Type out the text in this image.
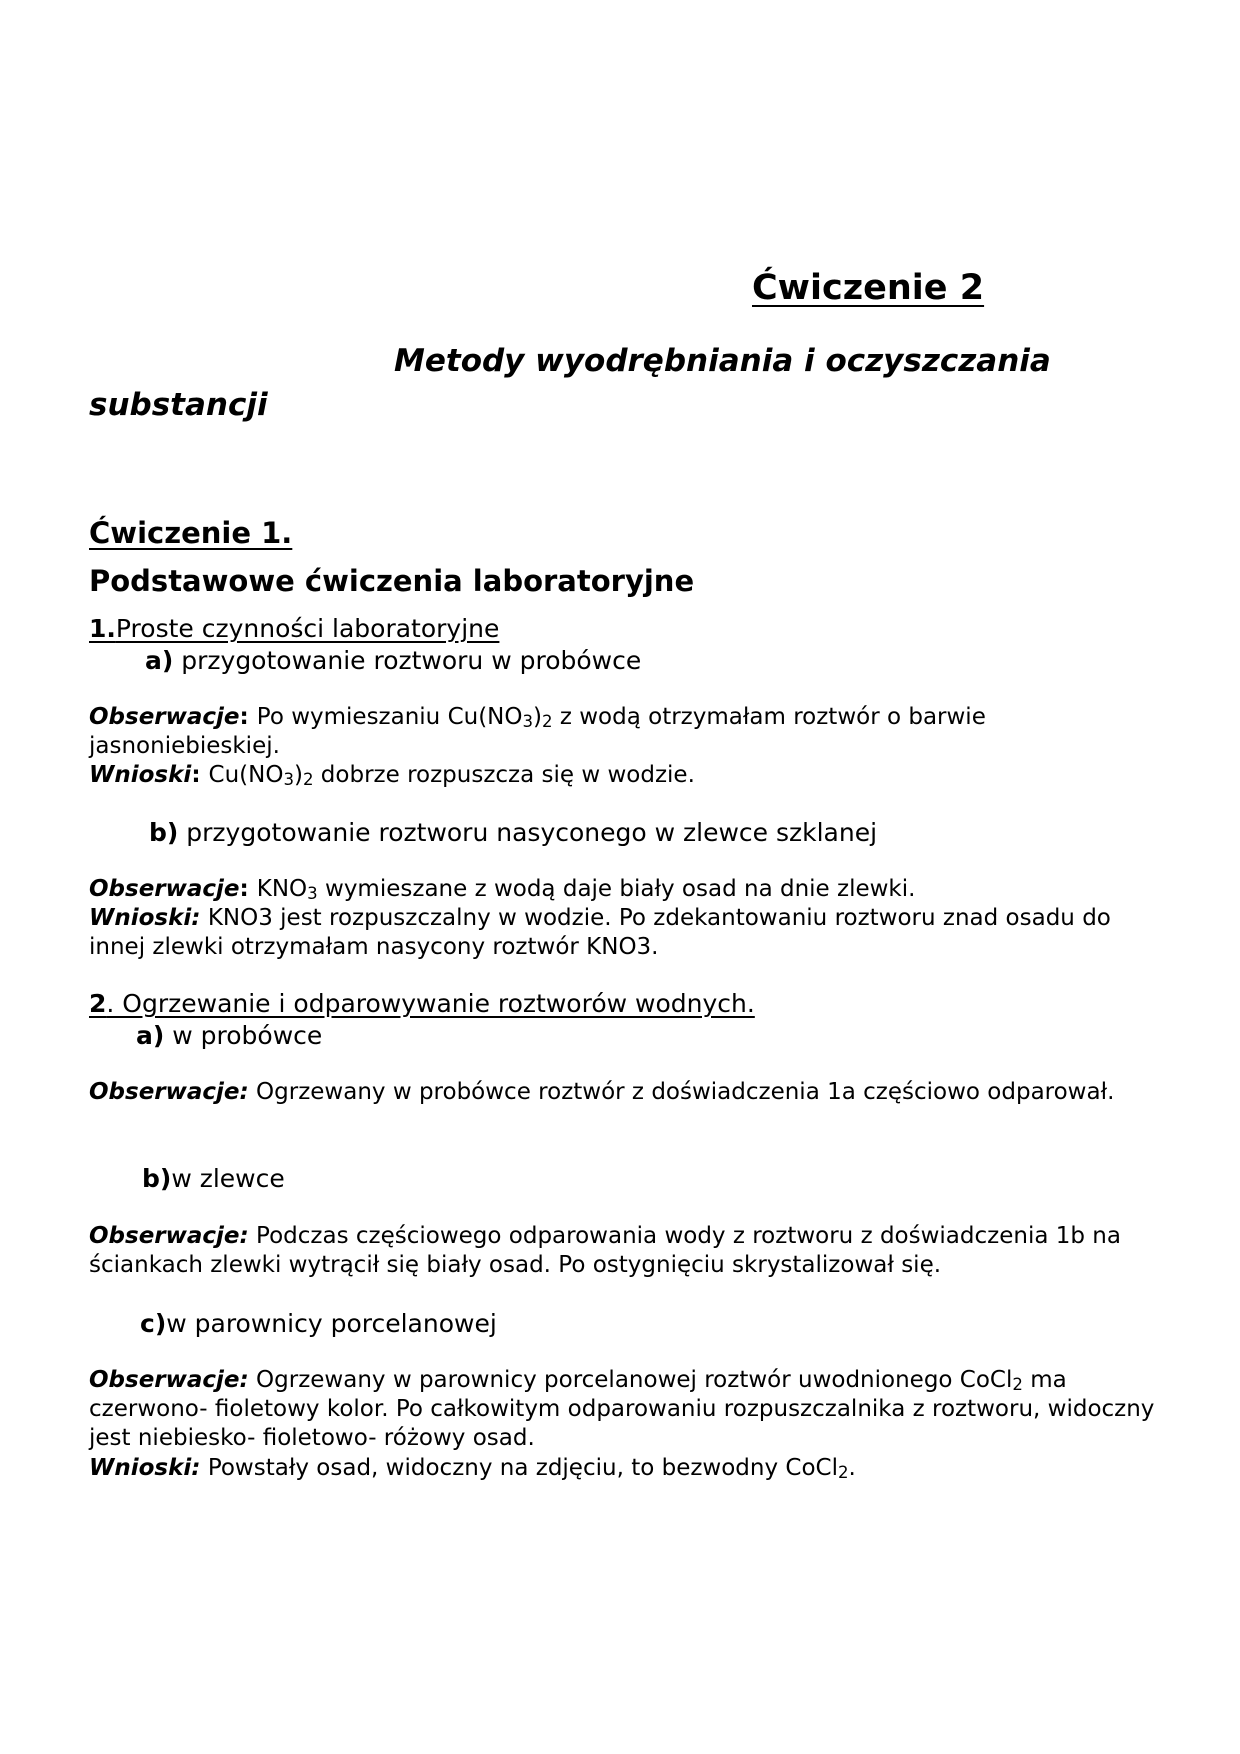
Ćwiczenie 2
Metody wyodrębniania i oczyszczania
substancji
Ćwiczenie 1.
Podstawowe ćwiczenia laboratoryjne
1.Proste czynności laboratoryjne
a) przygotowanie roztworu w probówce
Obserwacje: Po wymieszaniu $Cu(NO_3)_2$ z wodą otrzymałam roztwór o barwie jasnoniebieskiej.
Wnioski: $Cu(NO_3)_2$ dobrze rozpuszcza się w wodzie.
b) przygotowanie roztworu nasyconego w zlewce szklanej
Obserwacje: $KNO_3$ wymieszane z wodą daje biały osad na dnie zlewki.
Wnioski: KNO3 jest rozpuszczalny w wodzie. Po zdekantowaniu roztworu znad osadu do innej zlewki otrzymałam nasycony roztwór KNO3.
2. Ogrzewanie i odparowywanie roztworów wodnych.
a) w probówce
Obserwacje: Ogrzewany w probówce roztwór z doświadczenia 1a częściowo odparował.
b)w zlewce
Obserwacje: Podczas częściowego odparowania wody z roztworu z doświadczenia 1b na ściankach zlewki wytrącił się biały osad. Po ostygnięciu skrystalizował się.
c)w parownicy porcelanowej
Obserwacje: Ogrzewany w parownicy porcelanowej roztwór uwodnionego CoCl$_2$ ma czerwono- fioletowy kolor. Po całkowitym odparowaniu rozpuszczalnika z roztworu, widoczny jest niebiesko- fioletowo- różowy osad.
Wnioski: Powstały osad, widoczny na zdjęciu, to bezwodny CoCl$_2$.
